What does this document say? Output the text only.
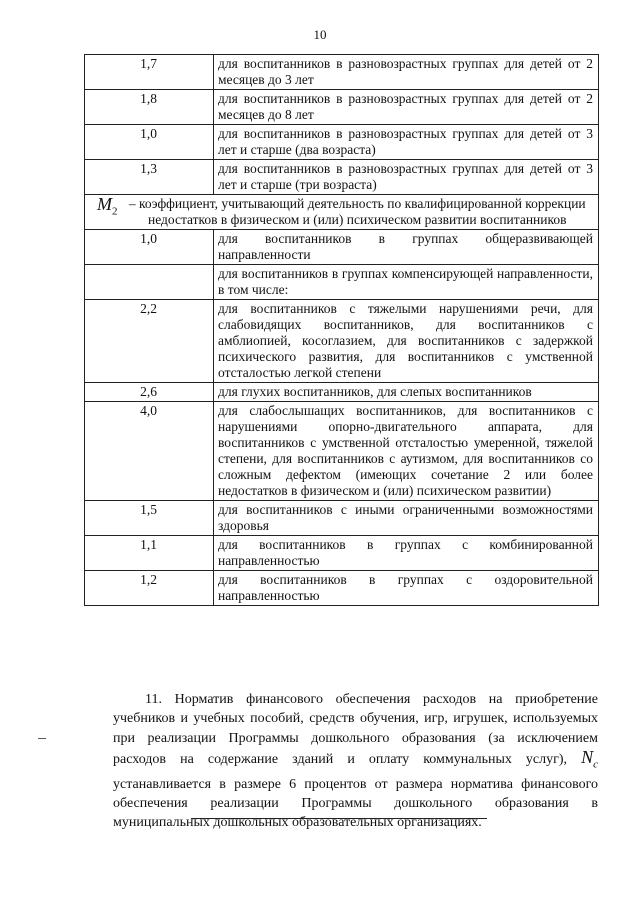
10
1,7	для воспитанников в разновозрастных группах для детей от 2 месяцев до 3 лет
1,8	для воспитанников в разновозрастных группах для детей от 2 месяцев до 8 лет
1,0	для воспитанников в разновозрастных группах для детей от 3 лет и старше (два возраста)
1,3	для воспитанников в разновозрастных группах для детей от 3 лет и старше (три возраста)

$M_2$
– коэффициент, учитывающий деятельность по квалифицированной коррекции недостатков в физическом и (или) психическом развитии воспитанников	
1,0	для воспитанников в группах общеразвивающей направленности
	для воспитанников в группах компенсирующей направленности, в том числе:
2,2	для воспитанников с тяжелыми нарушениями речи, для слабовидящих воспитанников, для воспитанников с амблиопией, косоглазием, для воспитанников с задержкой психического развития, для воспитанников с умственной отсталостью легкой степени
2,6	для глухих воспитанников, для слепых воспитанников
4,0	для слабослышащих воспитанников, для воспитанников с нарушениями опорно-двигательного аппарата, для воспитанников с умственной отсталостью умеренной, тяжелой степени, для воспитанников с аутизмом, для воспитанников со сложным дефектом (имеющих сочетание 2 или более недостатков в физическом и (или) психическом развитии)
1,5	для воспитанников с иными ограниченными возможностями здоровья
1,1	для воспитанников в группах с комбинированной направленностью
1,2	для воспитанников в группах с оздоровительной направленностью
11. Норматив финансового обеспечения расходов на приобретение учебников и учебных пособий, средств обучения, игр, игрушек, используемых при реализации Программы дошкольного образования (за исключением расходов на содержание зданий и оплату коммунальных услуг), $N_c$ устанавливается в размере 6 процентов от размера норматива финансового обеспечения реализации Программы дошкольного образования в муниципальных дошкольных образовательных организациях.
